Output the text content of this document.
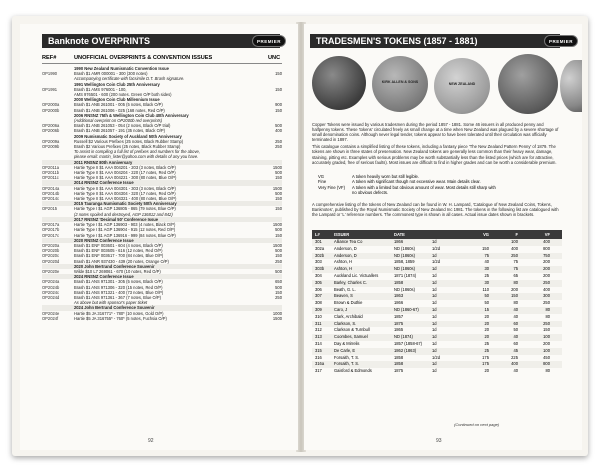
Banknote OVERPRINTS	PREMIER
REF#	UNOFFICIAL OVERPRINTS & CONVENTION ISSUES	UNC
1990 New Zealand Numismatic Convention Issue
OP1990	Brash $1 AMR 000001 - 300 (300 notes)	150
Accompanying certificate with facsimile D.T. Brash signature.
1991 Wellington Coin Club 25th Anniversary
OP1991	Brash $1 AMS 976001 - 100,	150
AMS 976501 - 600 (200 notes. Green O/P both sides)
2000 Wellington Coin Club Millennium Issue
OP2000a	Brash $1 ANB 261001 - 005 (5 notes, Black O/P)	900
OP2000b	Brash $1 ANB 261006 - 025 (168 notes, Red O/P)	150
2006 RNSNZ 75th & Wellington Coin Club 40th Anniversary
(Additional overprint on OP2000b red overprints)
OP2006a	Brash $1 ANB 261053 - 054 (2 notes, Black O/P trial)	500
OP2006b	Brash $1 ANB 261057 - 191 (35 notes, Black O/P)	400
2009 Numismatic Society of Auckland 50th Anniversary
OP2009a	Russell $2 Various Prefixes (25 notes, Black Rubber Stamp)	250
OP2009b	Brash $2 Various Prefixes (25 notes, Black Rubber Stamp)	250
To assist in compiling a full list of prefixes and numbers for the above,
please email: martin_lister@yahoo.com with details of any you have.
2011 RNSNZ 80th Anniversary
OP2011a	Hartie Type II $1 AAA 004201 - 203 (3 notes, Black O/P)	1500
OP2011b	Hartie Type II $1 AAA 004204 - 220 (17 notes, Red O/P)	500
OP2011c	Hartie Type II $1 AAA 004221 - 300 (80 notes, Blue O/P)	150
2014 RNSNZ Conference Issue
OP2014a	Hartie Type II $1 AAA 004301 - 303 (3 notes, Black O/P)	1500
OP2014b	Hartie Type II $1 AAA 004304 - 320 (17 notes, Red O/P)	500
OP2014c	Hartie Type II $1 AAA 004321 - 400 (80 notes, Blue O/P)	150
2015 Tauranga Numismatic Society 50th Anniversary
OP2015	Hartie Type I $1 AGP 136805 - 865 (79 notes, Blue O/P)	150
(2 notes spoiled and destroyed, AGP 136812 and 842)
2017 RNSNZ 'Decimal 50' Conference Issue
OP2017a	Hartie Type I $1 AGP 136903 - 903 (4 notes, Black O/P)	1500
OP2017b	Hartie Type I $1 AGP 136904 - 915 (12 notes, Red O/P)	500
OP2017c	Hartie Type I $1 AGP 136916 - 999 (84 notes, Blue O/P)	150
2020 RNSNZ Conference Issue
OP2020a	Brash $1 ENF 003601 - 604 (4 notes, Black O/P)	1500
OP2020b	Brash $1 ENF 003605 - 616 (12 notes, Red O/P)	500
OP2020c	Brash $1 ENF 003617 - 700 (84 notes, Blue O/P)	150
OP2020d	Brash $1 ANR 937430 - 439 (20 notes, Orange O/P)	250
2020 John Bertrand Conference Souvenir
OP2020e	Wilde $10 L7 269061 - 670 (10 notes, Red O/P)	500
2024 RNSNZ Conference Issue
OP2024a	Brash $1 ANS 971301 - 305 (5 notes, Black O/P)	650
OP2024b	Brash $1 ANS 971306 - 320 (15 notes, Red O/P)	500
OP2024c	Brash $1 ANS 971321 - 400 (73 notes, Blue O/P)	150
OP2024d	Brash $1 ANS 971361 - 367 (7 notes, Blue O/P)	250
As above but with sponsor's paper ticket
2024 John Bertrand Conference Souvenir
OP2024e	Hartie $5 JA 316771* - 780* (10 notes, Gold O/P)	1000
OP2024f	Hartie $5 JA 316755* - 760* (5 notes, Fuchsia O/P)	1500
92
TRADESMEN'S TOKENS (1857 - 1881)	PREMIER
KIRK ALLEN & SONS	NEW ZEALAND

Copper Tokens were issued by various tradesmen during the period 1857 - 1881. Some 46 issuers in all produced penny and halfpenny tokens. These 'tokens' circulated freely as small change at a time when New Zealand was plagued by a severe shortage of small denomination coins. Although never legal tender, tokens appear to have been tolerated until their circulation was officially terminated in 1897.

This catalogue contains a simplified listing of these tokens, including a fantasy piece 'The New Zealand Pattern Penny' of 1879. The tokens are shown in three states of preservation. New Zealand tokens are generally less common than their heavy wear, damage, staining, pitting etc. Examples with serious problems may be worth substantially less than the listed prices (which are for attractive, accurately graded, free of serious faults). Most issues are difficult to find in higher grades and can be worth a considerable premium.

VG	A token heavily worn but still legible.
Fine	A token with significant though not excessive wear. Main details clear.
Very Fine (VF) A token with a limited but obvious amount of wear. Most details still sharp with
no obvious defects.
A comprehensive listing of the tokens of New Zealand can be found in W. H. Lampard, 'Catalogue of New Zealand Coins, Tokens, Banknotes', published by the Royal Numismatic Society of New Zealand Inc 1981. The tokens in the following list are catalogued with the Lampard or 'L' reference numbers. The commonest type is shown in all cases. Actual issue dates shown in brackets.
L#	ISSUER	DATE	VG	F	VF
301	Alliance Tea Co	1866	1d	100	400
302a Anderson, D	ND (1860s)	1/2d	150	400	800
302b Anderson, D	ND (1860s)	1d	75	250	750
303	Ashton, H	1858, 1859	1/2d	40	75	200
303b Ashton, H	ND (1860s)	1d	30	75	200
304	Auckland Lic. Victuallers	1871 (1874)	1d	25	65	200
305	Barley, Charles C.	1858	1d	30	80	250
306	Beath, G. L.	ND (1860s)	1d	110	200	400
307	Beaven, S	1863	1d	50	150	300
308	Brown & Duthie	1866	1d	50	80	250
309	Caro, J	ND (1860-67)	1d	15	40	80
310	Clark, Archibald	1857	1d	20	40	80
311	Clarkson, S.	1875	1d	20	60	250
312	Clarkson & Turnbull	1865	1d	20	50	150
313	Coombes, Samuel	ND (1874)	1d	20	40	100
314	Day & Mirrelis	1857 (1858-67) 1d	25	60	200
315	De Carle, E	1862 (1863)	1d	25	45	100
316	Forsaith, T. S.	1858	1/2d	175	225	450
316a Forsaith, T. S.	1858	1d	175	400	800
317	Gaisford & Edmonds	1875	1d	20	40	80
(Continued on next page)
93
